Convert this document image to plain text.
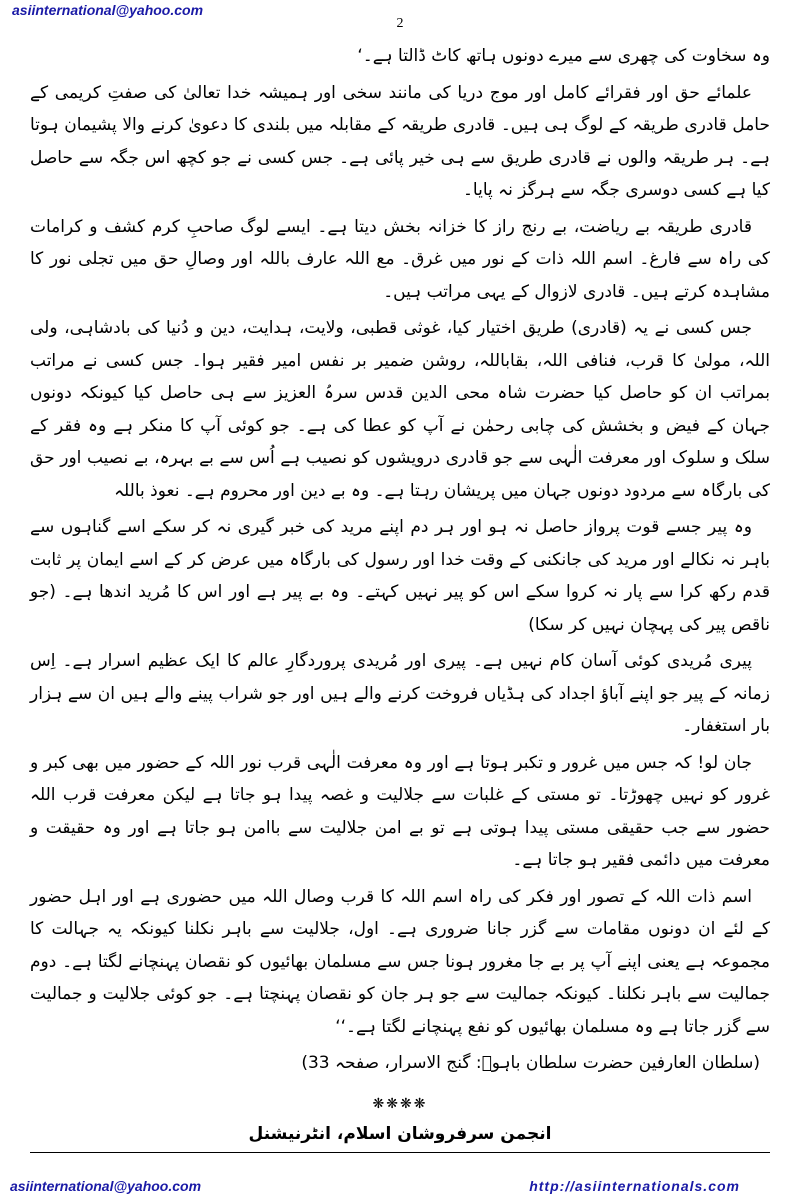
asiinternational@yahoo.com
2

وہ سخاوت کی چھری سے میرے دونوں ہاتھ کاٹ ڈالتا ہے۔‘

علمائے حق اور فقرائے کامل اور موج دریا کی مانند سخی اور ہمیشہ خدا تعالیٰ کی صفتِ کریمی کے حامل قادری طریقہ کے لوگ ہی ہیں۔ قادری طریقہ کے مقابلہ میں بلندی کا دعویٰ کرنے والا پشیمان ہوتا ہے۔ ہر طریقہ والوں نے قادری طریق سے ہی خیر پائی ہے۔ جس کسی نے جو کچھ اس جگہ سے حاصل کیا ہے کسی دوسری جگہ سے ہرگز نہ پایا۔

قادری طریقہ بے ریاضت، بے رنج راز کا خزانہ بخش دیتا ہے۔ ایسے لوگ صاحبِ کرم کشف و کرامات کی راہ سے فارغ۔ اسم اللہ ذات کے نور میں غرق۔ مع اللہ عارف باللہ اور وصالِ حق میں تجلی نور کا مشاہدہ کرتے ہیں۔ قادری لازوال کے یہی مراتب ہیں۔

جس کسی نے یہ (قادری) طریق اختیار کیا، غوثی قطبی، ولایت، ہدایت، دین و دُنیا کی بادشاہی، ولی اللہ، مولیٰ کا قرب، فنافی اللہ، بقاباللہ، روشن ضمیر بر نفس امیر فقیر ہوا۔ جس کسی نے مراتب بمراتب ان کو حاصل کیا حضرت شاہ محی الدین قدس سرہُ العزیز سے ہی حاصل کیا کیونکہ دونوں جہان کے فیض و بخشش کی چابی رحمٰن نے آپ کو عطا کی ہے۔ جو کوئی آپ کا منکر ہے وہ فقر کے سلک و سلوک اور معرفت الٰہی سے جو قادری درویشوں کو نصیب ہے اُس سے بے بہرہ، بے نصیب اور حق کی بارگاہ سے مردود دونوں جہان میں پریشان رہتا ہے۔ وہ بے دین اور محروم ہے۔ نعوذ باللہ

وہ پیر جسے قوت پرواز حاصل نہ ہو اور ہر دم اپنے مرید کی خبر گیری نہ کر سکے اسے گناہوں سے باہر نہ نکالے اور مرید کی جانکنی کے وقت خدا اور رسول کی بارگاہ میں عرض کر کے اسے ایمان پر ثابت قدم رکھ کرا سے پار نہ کروا سکے اس کو پیر نہیں کہتے۔ وہ بے پیر ہے اور اس کا مُرید اندھا ہے۔ (جو ناقص پیر کی پہچان نہیں کر سکا)

پیری مُریدی کوئی آسان کام نہیں ہے۔ پیری اور مُریدی پروردگارِ عالم کا ایک عظیم اسرار ہے۔ اِس زمانہ کے پیر جو اپنے آباؤ اجداد کی ہڈیاں فروخت کرنے والے ہیں اور جو شراب پینے والے ہیں ان سے ہزار بار استغفار۔

جان لو! کہ جس میں غرور و تکبر ہوتا ہے اور وہ معرفت الٰہی قرب نور اللہ کے حضور میں بھی کبر و غرور کو نہیں چھوڑتا۔ تو مستی کے غلبات سے جلالیت و غصہ پیدا ہو جاتا ہے لیکن معرفت قرب اللہ حضور سے جب حقیقی مستی پیدا ہوتی ہے تو بے امن جلالیت سے باامن ہو جاتا ہے اور وہ حقیقت و معرفت میں دائمی فقیر ہو جاتا ہے۔

اسم ذات اللہ کے تصور اور فکر کی راہ اسم اللہ کا قرب وصال اللہ میں حضوری ہے اور اہل حضور کے لئے ان دونوں مقامات سے گزر جانا ضروری ہے۔ اول، جلالیت سے باہر نکلنا کیونکہ یہ جہالت کا مجموعہ ہے یعنی اپنے آپ پر بے جا مغرور ہونا جس سے مسلمان بھائیوں کو نقصان پہنچانے لگتا ہے۔ دوم جمالیت سے باہر نکلنا۔ کیونکہ جمالیت سے جو ہر جان کو نقصان پہنچتا ہے۔ جو کوئی جلالیت و جمالیت سے گزر جاتا ہے وہ مسلمان بھائیوں کو نفع پہنچانے لگتا ہے۔‘‘

(سلطان العارفین حضرت سلطان باہوؒ: گنج الاسرار، صفحہ 33)
❋❋❋❋
انجمن سرفروشان اسلام، انٹرنیشنل
asiinternational@yahoo.com	http://asiinternationals.com
